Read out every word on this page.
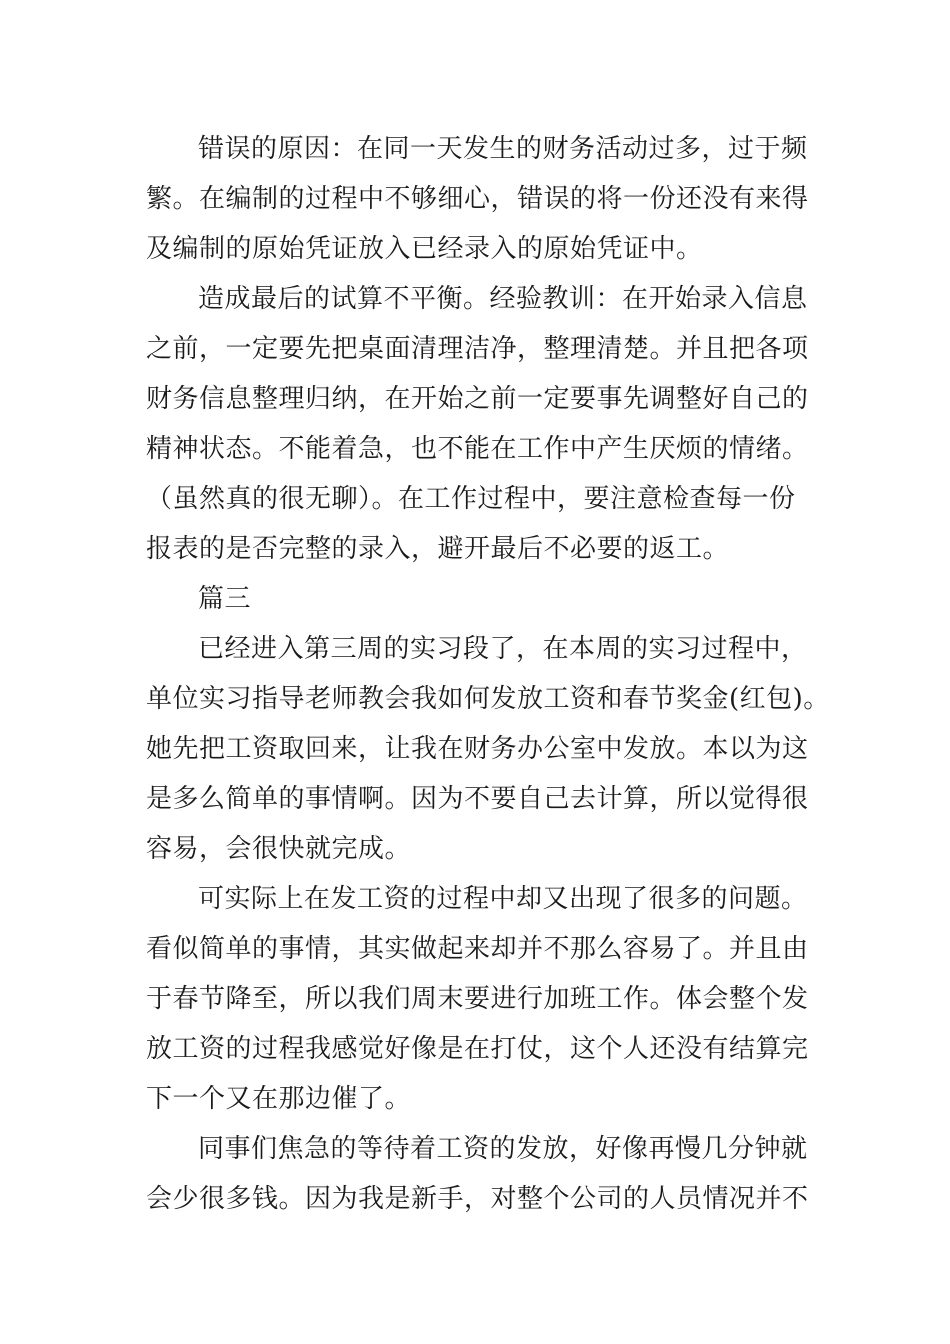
错误的原因：在同一天发生的财务活动过多，过于频
繁。在编制的过程中不够细心，错误的将一份还没有来得
及编制的原始凭证放入已经录入的原始凭证中。
造成最后的试算不平衡。经验教训：在开始录入信息
之前，一定要先把桌面清理洁净，整理清楚。并且把各项
财务信息整理归纳，在开始之前一定要事先调整好自己的
精神状态。不能着急，也不能在工作中产生厌烦的情绪。
（虽然真的很无聊）。在工作过程中，要注意检查每一份
报表的是否完整的录入，避开最后不必要的返工。
篇三
已经进入第三周的实习段了，在本周的实习过程中，
单位实习指导老师教会我如何发放工资和春节奖金(红包)。
她先把工资取回来，让我在财务办公室中发放。本以为这
是多么简单的事情啊。因为不要自己去计算，所以觉得很
容易，会很快就完成。
可实际上在发工资的过程中却又出现了很多的问题。
看似简单的事情，其实做起来却并不那么容易了。并且由
于春节降至，所以我们周末要进行加班工作。体会整个发
放工资的过程我感觉好像是在打仗，这个人还没有结算完
下一个又在那边催了。
同事们焦急的等待着工资的发放，好像再慢几分钟就
会少很多钱。因为我是新手，对整个公司的人员情况并不
